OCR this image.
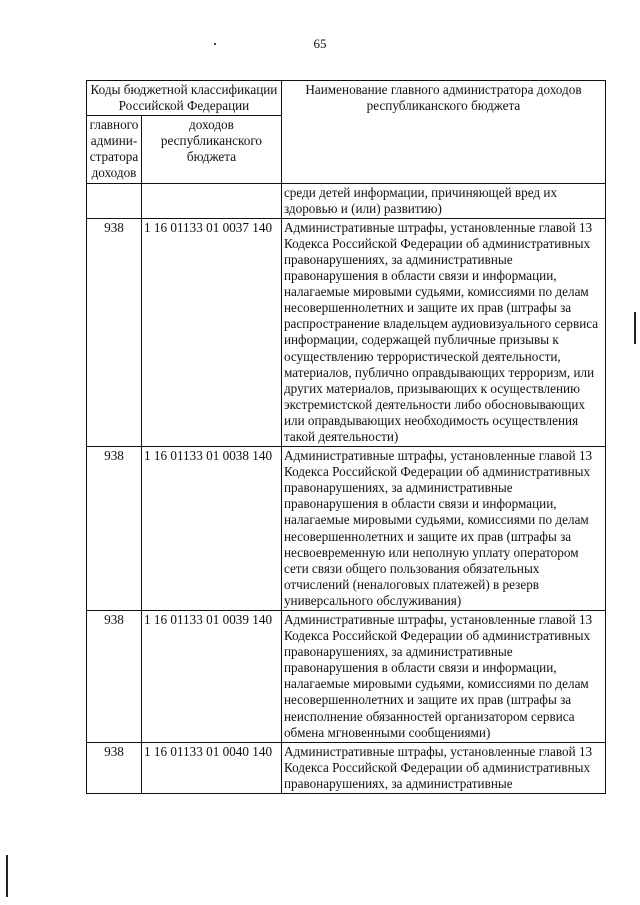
65
Коды бюджетной классификации Российской Федерации		Наименование главного администратора доходов республиканского бюджета
главного админи-стратора доходов	доходов республиканского бюджета	
		среди детей информации, причиняющей вред их здоровью и (или) развитию)
938	1 16 01133 01 0037 140	Административные штрафы, установленные главой 13 Кодекса Российской Федерации об административных правонарушениях, за административные правонарушения в области связи и информации, налагаемые мировыми судьями, комиссиями по делам несовершеннолетних и защите их прав (штрафы за распространение владельцем аудиовизуального сервиса информации, содержащей публичные призывы к осуществлению террористической деятельности, материалов, публично оправдывающих терроризм, или других материалов, призывающих к осуществлению экстремистской деятельности либо обосновывающих или оправдывающих необходимость осуществления такой деятельности)
938	1 16 01133 01 0038 140	Административные штрафы, установленные главой 13 Кодекса Российской Федерации об административных правонарушениях, за административные правонарушения в области связи и информации, налагаемые мировыми судьями, комиссиями по делам несовершеннолетних и защите их прав (штрафы за несвоевременную или неполную уплату оператором сети связи общего пользования обязательных отчислений (неналоговых платежей) в резерв универсального обслуживания)
938	1 16 01133 01 0039 140	Административные штрафы, установленные главой 13 Кодекса Российской Федерации об административных правонарушениях, за административные правонарушения в области связи и информации, налагаемые мировыми судьями, комиссиями по делам несовершеннолетних и защите их прав (штрафы за неисполнение обязанностей организатором сервиса обмена мгновенными сообщениями)
938	1 16 01133 01 0040 140	Административные штрафы, установленные главой 13 Кодекса Российской Федерации об административных правонарушениях, за административные
